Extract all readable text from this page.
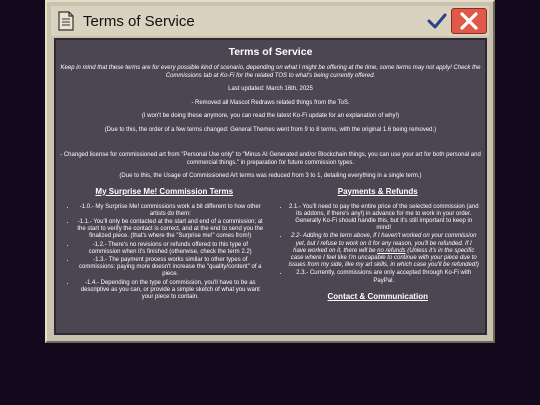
Terms of Service
Terms of Service
Keep in mind that these terms are for every possible kind of scenario, depending on what I might be offering at the time, some terms may not apply! Check the Commissions tab at Ko-Fi for the related TOS to what's being currently offered.
Last updated: March 16th, 2025
- Removed all Mascot Redraws related things from the ToS.
(I won't be doing these anymore, you can read the latest Ko-Fi update for an explanation of why!)
(Due to this, the order of a few terms changed: General Themes went from 9 to 8 terms, with the original 1.6 being removed.)
- Changed license for commissioned art from "Personal Use only" to "Minus AI Generated and/or Blockchain things, you can use your art for both personal and commercial things." in preparation for future commission types.
(Due to this, the Usage of Commissioned Art terms was reduced from 3 to 1, detailing everything in a single term.)
My Surprise Me! Commission Terms
• -1.0.- My Surprise Me! commissions work a bit different to how other artists do them:
• -1.1.- You'll only be contacted at the start and end of a commission; at the start to verify the contact is correct, and at the end to send you the finalized piece. (that's where the "Surprise me!" comes from!)
• -1.2.- There's no revisions or refunds offered to this type of commission when it's finished (otherwise, check the term 2.2)
• -1.3.- The payment process works similar to other types of commissions: paying more doesn't increase the "quality/content" of a piece.
• -1.4.- Depending on the type of commission, you'll have to be as descriptive as you can, or provide a simple sketch of what you want your piece to contain.
Payments & Refunds
• 2.1.- You'll need to pay the entire price of the selected commission (and its addons, if there's any!) in advance for me to work in your order. Generally Ko-Fi should handle this, but it's still important to keep in mind!
• 2.2- Adding to the term above, if I haven't worked on your commission yet, but I refuse to work on it for any reason, you'll be refunded. If I have worked on it, there will be no refunds (Unless it's in the specific case where I feel like I'm uncapable to continue with your piece due to issues from my side, like my art skills, in which case you'll be refunded!)
• 2.3.- Currently, commissions are only accepted through Ko-Fi with PayPal.
Contact & Communication
